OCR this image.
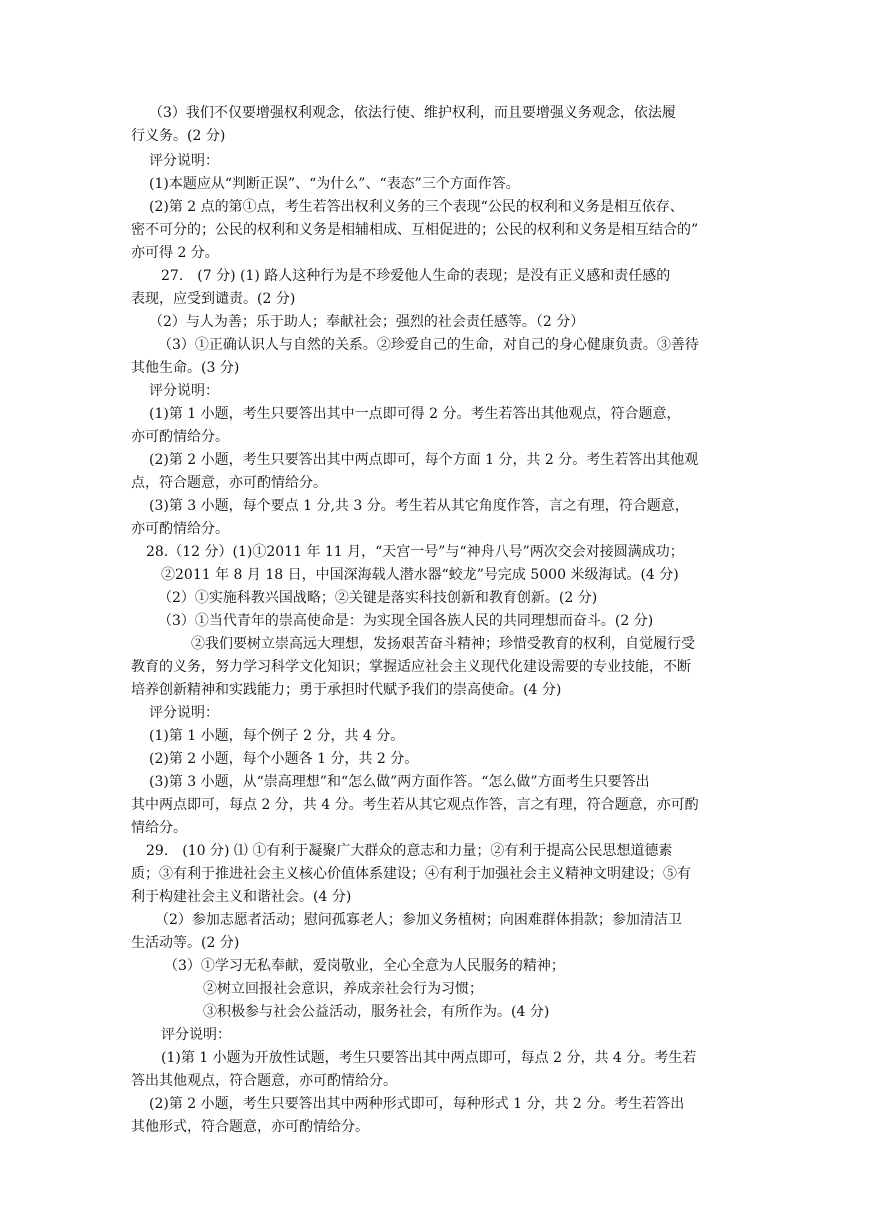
（3）我们不仅要增强权利观念，依法行使、维护权利，而且要增强义务观念，依法履
行义务。(2 分)
评分说明：
(1)本题应从“判断正误”、“为什么”、“表态”三个方面作答。
(2)第 2 点的第①点，考生若答出权利义务的三个表现“公民的权利和义务是相互依存、
密不可分的；公民的权利和义务是相辅相成、互相促进的；公民的权利和义务是相互结合的”
亦可得 2 分。
27.　(7 分) (1) 路人这种行为是不珍爱他人生命的表现；是没有正义感和责任感的
表现，应受到谴责。(2 分)
（2）与人为善；乐于助人；奉献社会；强烈的社会责任感等。（2 分）
（3）①正确认识人与自然的关系。②珍爱自己的生命，对自己的身心健康负责。③善待
其他生命。(3 分)
评分说明：
(1)第 1 小题，考生只要答出其中一点即可得 2 分。考生若答出其他观点，符合题意，
亦可酌情给分。
(2)第 2 小题，考生只要答出其中两点即可，每个方面 1 分，共 2 分。考生若答出其他观
点，符合题意，亦可酌情给分。
(3)第 3 小题，每个要点 1 分,共 3 分。考生若从其它角度作答，言之有理，符合题意，
亦可酌情给分。
28.（12 分）(1)①2011 年 11 月，“天宫一号”与“神舟八号”两次交会对接圆满成功；
②2011 年 8 月 18 日，中国深海载人潜水器“蛟龙”号完成 5000 米级海试。(4 分)
（2）①实施科教兴国战略；②关键是落实科技创新和教育创新。(2 分)
（3）①当代青年的崇高使命是：为实现全国各族人民的共同理想而奋斗。(2 分)
②我们要树立崇高远大理想，发扬艰苦奋斗精神；珍惜受教育的权利，自觉履行受
教育的义务，努力学习科学文化知识；掌握适应社会主义现代化建设需要的专业技能，不断
培养创新精神和实践能力；勇于承担时代赋予我们的崇高使命。(4 分)
评分说明：
(1)第 1 小题，每个例子 2 分，共 4 分。
(2)第 2 小题，每个小题各 1 分，共 2 分。
(3)第 3 小题，从“崇高理想”和“怎么做”两方面作答。“怎么做”方面考生只要答出
其中两点即可，每点 2 分，共 4 分。考生若从其它观点作答，言之有理，符合题意，亦可酌
情给分。
29.　(10 分) ⑴ ①有利于凝聚广大群众的意志和力量；②有利于提高公民思想道德素
质；③有利于推进社会主义核心价值体系建设；④有利于加强社会主义精神文明建设；⑤有
利于构建社会主义和谐社会。(4 分)
（2）参加志愿者活动；慰问孤寡老人；参加义务植树；向困难群体捐款；参加清洁卫
生活动等。(2 分)
（3）①学习无私奉献，爱岗敬业，全心全意为人民服务的精神；
②树立回报社会意识，养成亲社会行为习惯；
③积极参与社会公益活动，服务社会，有所作为。(4 分)
评分说明：
(1)第 1 小题为开放性试题，考生只要答出其中两点即可，每点 2 分，共 4 分。考生若
答出其他观点，符合题意，亦可酌情给分。
(2)第 2 小题，考生只要答出其中两种形式即可，每种形式 1 分，共 2 分。考生若答出
其他形式，符合题意，亦可酌情给分。
